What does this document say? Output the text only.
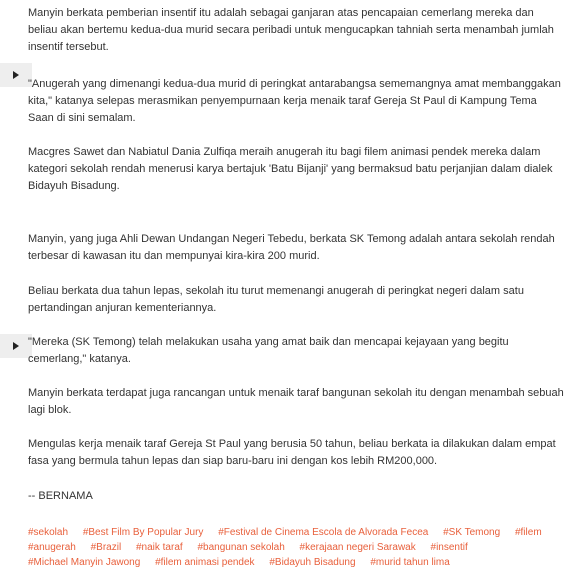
Manyin berkata pemberian insentif itu adalah sebagai ganjaran atas pencapaian cemerlang mereka dan beliau akan bertemu kedua-dua murid secara peribadi untuk mengucapkan tahniah serta menambah jumlah insentif tersebut.

"Anugerah yang dimenangi kedua-dua murid di peringkat antarabangsa sememangnya amat membanggakan kita," katanya selepas merasmikan penyempurnaan kerja menaik taraf Gereja St Paul di Kampung Tema Saan di sini semalam.

Macgres Sawet dan Nabiatul Dania Zulfiqa meraih anugerah itu bagi filem animasi pendek mereka dalam kategori sekolah rendah menerusi karya bertajuk 'Batu Bijanji' yang bermaksud batu perjanjian dalam dialek Bidayuh Bisadung.

Manyin, yang juga Ahli Dewan Undangan Negeri Tebedu, berkata SK Temong adalah antara sekolah rendah terbesar di kawasan itu dan mempunyai kira-kira 200 murid.

Beliau berkata dua tahun lepas, sekolah itu turut memenangi anugerah di peringkat negeri dalam satu pertandingan anjuran kementeriannya.

"Mereka (SK Temong) telah melakukan usaha yang amat baik dan mencapai kejayaan yang begitu cemerlang," katanya.

Manyin berkata terdapat juga rancangan untuk menaik taraf bangunan sekolah itu dengan menambah sebuah lagi blok.

Mengulas kerja menaik taraf Gereja St Paul yang berusia 50 tahun, beliau berkata ia dilakukan dalam empat fasa yang bermula tahun lepas dan siap baru-baru ini dengan kos lebih RM200,000.

-- BERNAMA

#sekolah #Best Film By Popular Jury #Festival de Cinema Escola de Alvorada Fecea #SK Temong #filem #anugerah #Brazil #naik taraf #bangunan sekolah #kerajaan negeri Sarawak #insentif #Michael Manyin Jawong #filem animasi pendek #Bidayuh Bisadung #murid tahun lima
